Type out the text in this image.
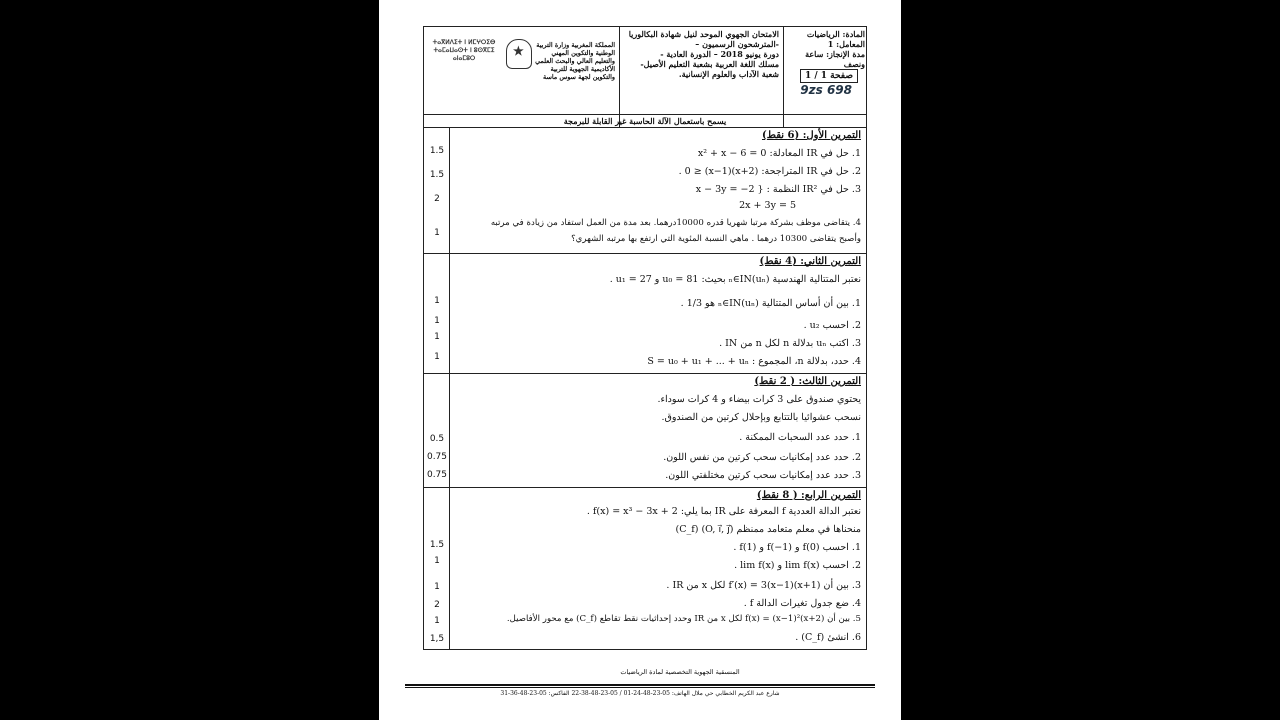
ⵜⴰⴳⵍⴷⵉⵜ ⵏ ⵍⵎⵖⵔⵉⴱ ⵜⴰⵎⴰⵡⴰⵙⵜ ⵏ ⵓⵙⴳⵎⵉ ⴰⵏⴰⵎⵓⵔ
★
المملكة المغربية وزارة التربية الوطنية والتكوين المهني والتعليم العالي والبحث العلمي الأكاديمية الجهوية للتربية والتكوين لجهة سوس ماسة
الامتحان الجهوي الموحد لنيل شهادة البكالوريا
-المترشحون الرسميون –
دورة يونيو 2018 – الدورة العادية -
مسلك اللغة العربية بشعبة التعليم الأصيل-
شعبة الآداب والعلوم الإنسانية.
المادة: الرياضيات
المعامل: 1
مدة الإنجاز: ساعة ونصف
صفحة 1 / 1
9zs 698
يسمح باستعمال الآلة الحاسبة غير القابلة للبرمجة
1.5
1.5
2
1
التمرين الأول: (6 نقط)
1. حل في IR المعادلة: x² + x − 6 = 0
2. حل في IR المتراجحة: (x+2)(x−1) ≤ 0 .
3. حل في IR² النظمة : { x − 3y = −2
2x + 3y = 5
4. يتقاضى موظف بشركة مرتبا شهريا قدره 10000درهما. بعد مدة من العمل استفاد من زيادة في مرتبه
وأصبح يتقاضى 10300 درهما . ماهي النسبة المئوية التي ارتفع بها مرتبه الشهري؟
1
1
1
1
التمرين الثاني: (4 نقط)
نعتبر المتتالية الهندسية (uₙ)ₙ∈IN بحيث: u₀ = 81 و u₁ = 27 .
1. بين أن أساس المتتالية (uₙ)ₙ∈IN هو 1/3 .
2. احسب u₂ .
3. اكتب uₙ بدلالة n لكل n من IN .
4. حدد، بدلالة n، المجموع : S = u₀ + u₁ + ... + uₙ
0.5
0.75
0.75
التمرين الثالث: ( 2 نقط)
يحتوي صندوق على 3 كرات بيضاء و 4 كرات سوداء.
نسحب عشوائيا بالتتابع وبإحلال كرتين من الصندوق.
1. حدد عدد السحبات الممكنة .
2. حدد عدد إمكانيات سحب كرتين من نفس اللون.
3. حدد عدد إمكانيات سحب كرتين مختلفتي اللون.
1.5
1
1
2
1
1,5
التمرين الرابع: ( 8 نقط)
نعتبر الدالة العددية f المعرفة على IR بما يلي: f(x) = x³ − 3x + 2 .
منحناها في معلم متعامد ممنظم (O, i⃗, j⃗) (C_f)
1. احسب f(0) و f(−1) و f(1) .
2. احسب lim f(x) و lim f(x) .
3. بين أن f′(x) = 3(x−1)(x+1) لكل x من IR .
4. ضع جدول تغيرات الدالة f .
5. بين أن f(x) = (x−1)²(x+2) لكل x من IR وحدد إحداثيات نقط تقاطع (C_f) مع محور الأفاصيل.
6. انشئ (C_f) .
المنسقية الجهوية التخصصية لمادة الرياضيات
شارع عبد الكريم الخطابي حي ملال الهاتف: 05-23-48-24-01 / 05-23-48-38-22 الفاكس: 05-23-48-36-31
